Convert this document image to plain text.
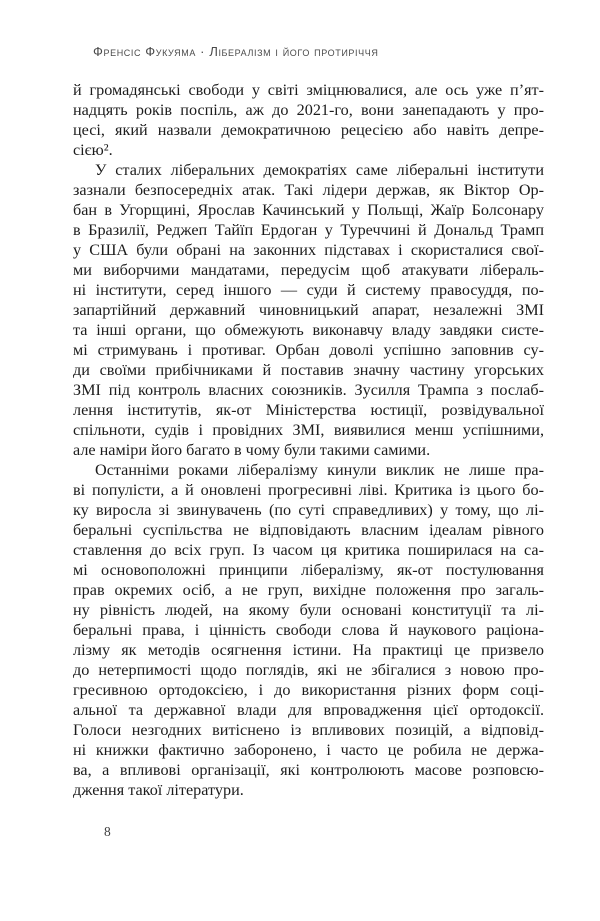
Френсіс Фукуяма · Лібералізм і його протиріччя
й громадянські свободи у світі зміцнювалися, але ось уже п’ят-
надцять років поспіль, аж до 2021-го, вони занепадають у про-
цесі, який назвали демократичною рецесією або навіть депре-
сією².
У сталих ліберальних демократіях саме ліберальні інститути
зазнали безпосередніх атак. Такі лідери держав, як Віктор Ор-
бан в Угорщині, Ярослав Качинський у Польщі, Жаїр Болсонару
в Бразилії, Реджеп Тайїп Ердоган у Туреччині й Дональд Трамп
у США були обрані на законних підставах і скористалися свої-
ми виборчими мандатами, передусім щоб атакувати лібераль-
ні інститути, серед іншого — суди й систему правосуддя, по-
запартійний державний чиновницький апарат, незалежні ЗМІ
та інші органи, що обмежують виконавчу владу завдяки систе-
мі стримувань і противаг. Орбан доволі успішно заповнив су-
ди своїми прибічниками й поставив значну частину угорських
ЗМІ під контроль власних союзників. Зусилля Трампа з послаб-
лення інститутів, як-от Міністерства юстиції, розвідувальної
спільноти, судів і провідних ЗМІ, виявилися менш успішними,
але наміри його багато в чому були такими самими.
Останніми роками лібералізму кинули виклик не лише пра-
ві популісти, а й оновлені прогресивні ліві. Критика із цього бо-
ку виросла зі звинувачень (по суті справедливих) у тому, що лі-
беральні суспільства не відповідають власним ідеалам рівного
ставлення до всіх груп. Із часом ця критика поширилася на са-
мі основоположні принципи лібералізму, як-от постулювання
прав окремих осіб, а не груп, вихідне положення про загаль-
ну рівність людей, на якому були основані конституції та лі-
беральні права, і цінність свободи слова й наукового раціона-
лізму як методів осягнення істини. На практиці це призвело
до нетерпимості щодо поглядів, які не збігалися з новою про-
гресивною ортодоксією, і до використання різних форм соці-
альної та державної влади для впровадження цієї ортодоксії.
Голоси незгодних витіснено із впливових позицій, а відповід-
ні книжки фактично заборонено, і часто це робила не держа-
ва, а впливові організації, які контролюють масове розповсю-
дження такої літератури.
8
